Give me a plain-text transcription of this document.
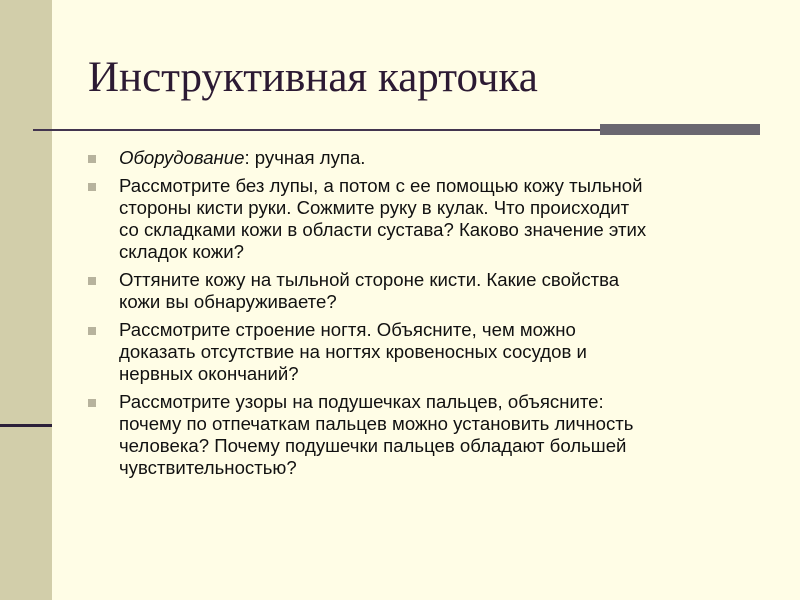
Инструктивная карточка
Оборудование: ручная лупа.
Рассмотрите без лупы, а потом с ее помощью кожу тыльной
стороны кисти руки. Сожмите руку в кулак. Что происходит
со складками кожи в области сустава? Каково значение этих
складок кожи?
Оттяните кожу на тыльной стороне кисти. Какие свойства
кожи вы обнаруживаете?
Рассмотрите строение ногтя. Объясните, чем можно
доказать отсутствие на ногтях кровеносных сосудов и
нервных окончаний?
Рассмотрите узоры на подушечках пальцев, объясните:
почему по отпечаткам пальцев можно установить личность
человека? Почему подушечки пальцев обладают большей
чувствительностью?
